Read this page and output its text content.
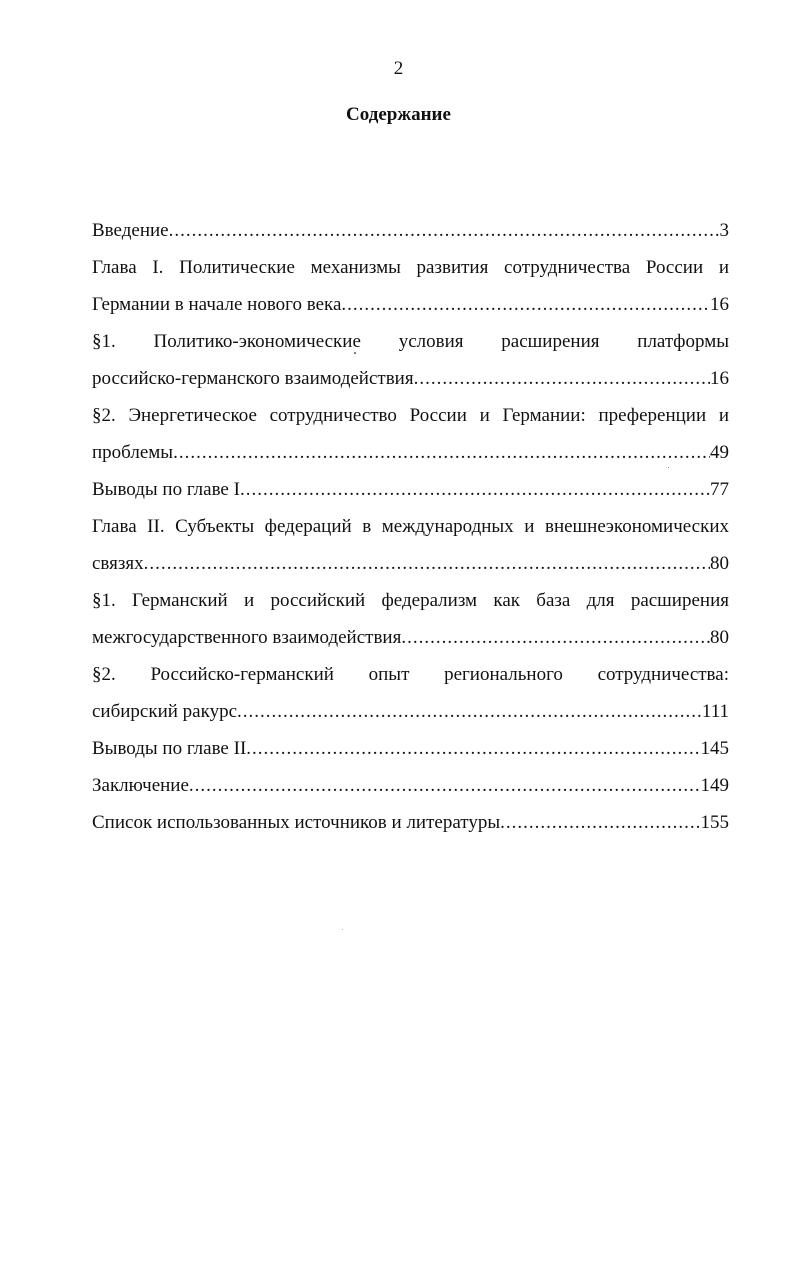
2
Содержание
Введение .....	3
Глава I. Политические механизмы развития сотрудничества России и
Германии в начале нового века .....	16
§1. Политико-экономические условия расширения платформы
российско-германского взаимодействия .....	16
§2. Энергетическое сотрудничество России и Германии: преференции и
проблемы .....	49
Выводы по главе I .....	77
Глава II. Субъекты федераций в международных и внешнеэкономических
связях .....	80
§1. Германский и российский федерализм как база для расширения
межгосударственного взаимодействия .....	80
§2. Российско-германский опыт регионального сотрудничества:
сибирский ракурс .....	111
Выводы по главе II .....	145
Заключение .....	149
Список использованных источников и литературы .....	155
